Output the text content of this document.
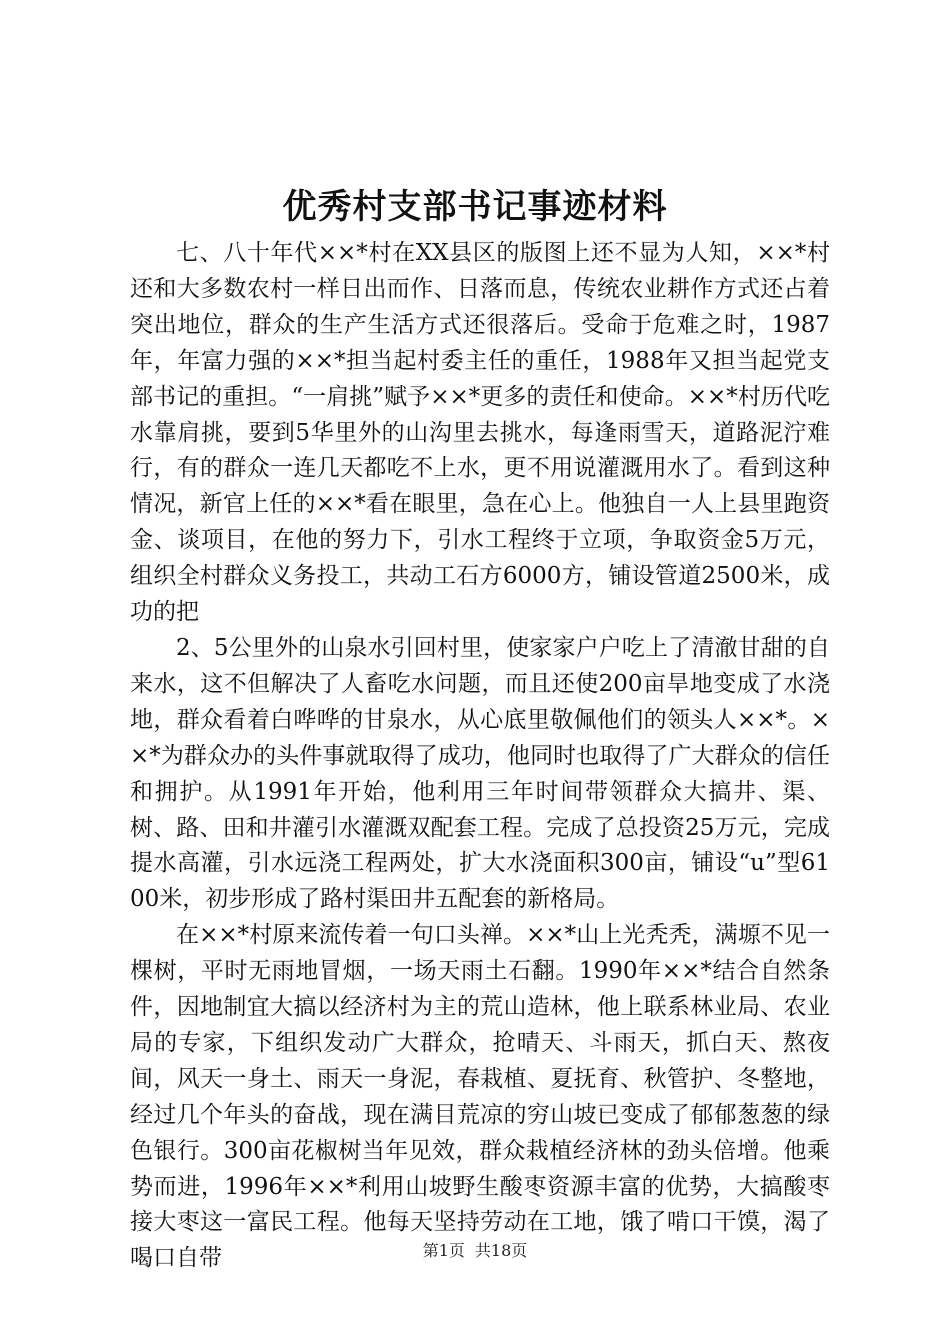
优秀村支部书记事迹材料

七、八十年代××*村在XX县区的版图上还不显为人知，××*村还和大多数农村一样日出而作、日落而息，传统农业耕作方式还占着突出地位，群众的生产生活方式还很落后。受命于危难之时，1987年，年富力强的××*担当起村委主任的重任，1988年又担当起党支部书记的重担。“一肩挑”赋予××*更多的责任和使命。××*村历代吃水靠肩挑，要到5华里外的山沟里去挑水，每逢雨雪天，道路泥泞难行，有的群众一连几天都吃不上水，更不用说灌溉用水了。看到这种情况，新官上任的××*看在眼里，急在心上。他独自一人上县里跑资金、谈项目，在他的努力下，引水工程终于立项，争取资金5万元，组织全村群众义务投工，共动工石方6000方，铺设管道2500米，成功的把

2、5公里外的山泉水引回村里，使家家户户吃上了清澈甘甜的自来水，这不但解决了人畜吃水问题，而且还使200亩旱地变成了水浇地，群众看着白哗哗的甘泉水，从心底里敬佩他们的领头人××*。××*为群众办的头件事就取得了成功，他同时也取得了广大群众的信任和拥护。从1991年开始，他利用三年时间带领群众大搞井、渠、树、路、田和井灌引水灌溉双配套工程。完成了总投资25万元，完成提水高灌，引水远浇工程两处，扩大水浇面积300亩，铺设“u”型6100米，初步形成了路村渠田井五配套的新格局。

在××*村原来流传着一句口头禅。××*山上光秃秃，满塬不见一棵树，平时无雨地冒烟，一场天雨土石翻。1990年××*结合自然条件，因地制宜大搞以经济村为主的荒山造林，他上联系林业局、农业局的专家，下组织发动广大群众，抢晴天、斗雨天，抓白天、熬夜间，风天一身土、雨天一身泥，春栽植、夏抚育、秋管护、冬整地，经过几个年头的奋战，现在满目荒凉的穷山坡已变成了郁郁葱葱的绿色银行。300亩花椒树当年见效，群众栽植经济林的劲头倍增。他乘势而进，1996年××*利用山坡野生酸枣资源丰富的优势，大搞酸枣接大枣这一富民工程。他每天坚持劳动在工地，饿了啃口干馍，渴了喝口自带	第1页 共18页
